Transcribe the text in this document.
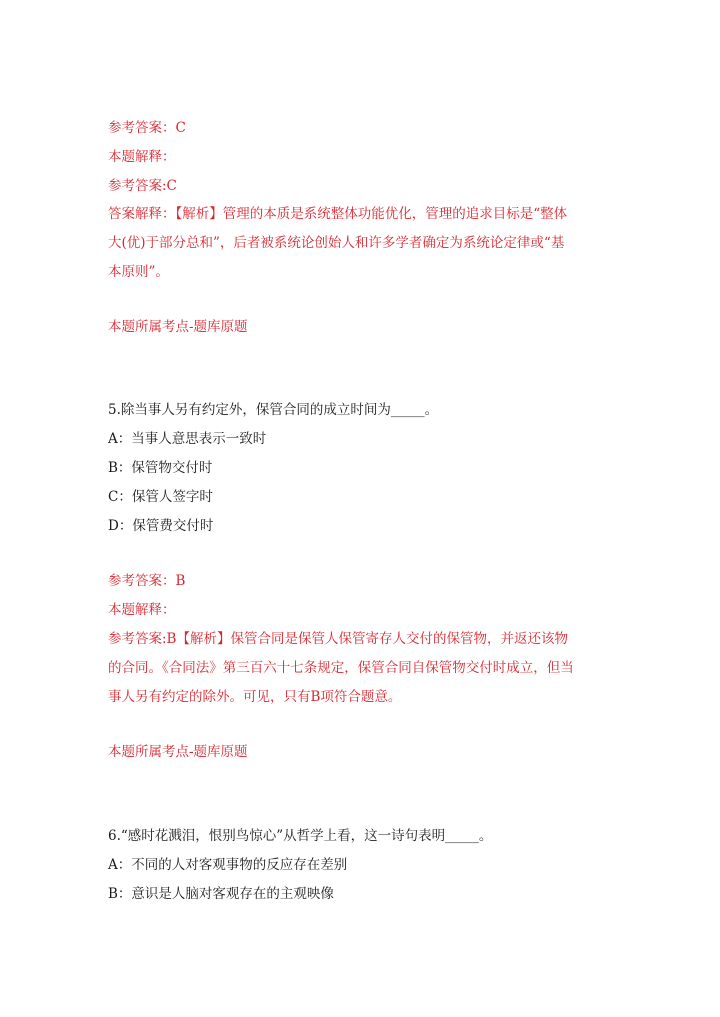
参考答案：C
本题解释：
参考答案:C
答案解释：【解析】管理的本质是系统整体功能优化，管理的追求目标是“整体
大(优)于部分总和”，后者被系统论创始人和许多学者确定为系统论定律或“基
本原则”。
本题所属考点-题库原题
5.除当事人另有约定外，保管合同的成立时间为_____。
A：当事人意思表示一致时
B：保管物交付时
C：保管人签字时
D：保管费交付时
参考答案：B
本题解释：
参考答案:B【解析】保管合同是保管人保管寄存人交付的保管物，并返还该物
的合同。《合同法》第三百六十七条规定，保管合同自保管物交付时成立，但当
事人另有约定的除外。可见，只有B项符合题意。
本题所属考点-题库原题
6.“感时花溅泪，恨别鸟惊心”从哲学上看，这一诗句表明_____。
A：不同的人对客观事物的反应存在差别
B：意识是人脑对客观存在的主观映像
